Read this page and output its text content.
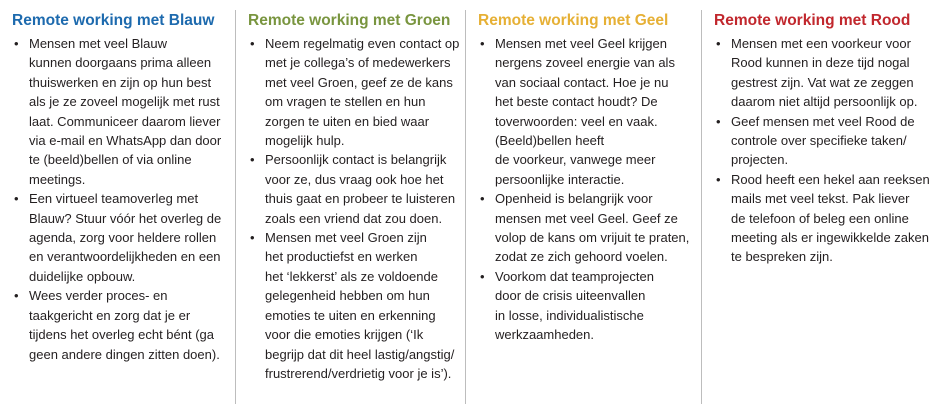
Remote working met Blauw
• Mensen met veel Blauw
kunnen doorgaans prima alleen
thuiswerken en zijn op hun best
als je ze zoveel mogelijk met rust
laat. Communiceer daarom liever
via e-mail en WhatsApp dan door
te (beeld)bellen of via online
meetings.
• Een virtueel teamoverleg met
Blauw? Stuur vóór het overleg de
agenda, zorg voor heldere rollen
en verantwoordelijkheden en een
duidelijke opbouw.
• Wees verder proces- en
taakgericht en zorg dat je er
tijdens het overleg echt bént (ga
geen andere dingen zitten doen).
Remote working met Groen
• Neem regelmatig even contact op
met je collega’s of medewerkers
met veel Groen, geef ze de kans
om vragen te stellen en hun
zorgen te uiten en bied waar
mogelijk hulp.
• Persoonlijk contact is belangrijk
voor ze, dus vraag ook hoe het
thuis gaat en probeer te luisteren
zoals een vriend dat zou doen.
• Mensen met veel Groen zijn
het productiefst en werken
het ‘lekkerst’ als ze voldoende
gelegenheid hebben om hun
emoties te uiten en erkenning
voor die emoties krijgen (‘Ik
begrijp dat dit heel lastig/angstig/
frustrerend/verdrietig voor je is’).
Remote working met Geel
• Mensen met veel Geel krijgen
nergens zoveel energie van als
van sociaal contact. Hoe je nu
het beste contact houdt? De
toverwoorden: veel en vaak.
(Beeld)bellen heeft
de voorkeur, vanwege meer
persoonlijke interactie.
• Openheid is belangrijk voor
mensen met veel Geel. Geef ze
volop de kans om vrijuit te praten,
zodat ze zich gehoord voelen.
• Voorkom dat teamprojecten
door de crisis uiteenvallen
in losse, individualistische
werkzaamheden.
Remote working met Rood
• Mensen met een voorkeur voor
Rood kunnen in deze tijd nogal
gestrest zijn. Vat wat ze zeggen
daarom niet altijd persoonlijk op.
• Geef mensen met veel Rood de
controle over specifieke taken/
projecten.
• Rood heeft een hekel aan reeksen
mails met veel tekst. Pak liever
de telefoon of beleg een online
meeting als er ingewikkelde zaken
te bespreken zijn.
